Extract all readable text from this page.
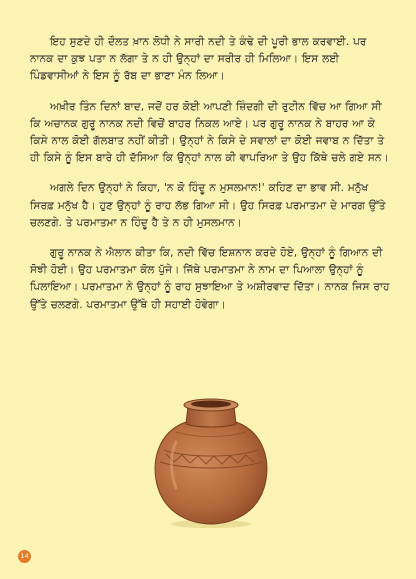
ਇਹ ਸੁਣਦੇ ਹੀ ਦੌਲਤ ਖ਼ਾਨ ਲੋਧੀ ਨੇ ਸਾਰੀ ਨਦੀ ਤੇ ਕੰਢੇ ਦੀ ਪੂਰੀ ਭਾਲ ਕਰਵਾਈ. ਪਰ ਨਾਨਕ ਦਾ ਕੁਝ ਪਤਾ ਨ ਲੱਗਾ ਤੇ ਨ ਹੀ ਉਨ੍ਹਾਂ ਦਾ ਸਰੀਰ ਹੀ ਮਿਲਿਆ। ਇਸ ਲਈ ਪਿੰਡਵਾਸੀਆਂ ਨੇ ਇਸ ਨੂੰ ਰੱਬ ਦਾ ਭਾਣਾ ਮੰਨ ਲਿਆ।

ਅਖ਼ੀਰ ਤਿੰਨ ਦਿਨਾਂ ਬਾਦ, ਜਦੋਂ ਹਰ ਕੋਈ ਆਪਣੀ ਜ਼ਿੰਦਗੀ ਦੀ ਰੁਟੀਨ ਵਿੱਚ ਆ ਗਿਆ ਸੀ ਕਿ ਅਚਾਨਕ ਗੁਰੂ ਨਾਨਕ ਨਦੀ ਵਿਚੋਂ ਬਾਹਰ ਨਿਕਲ ਆਏ। ਪਰ ਗੁਰੂ ਨਾਨਕ ਨੇ ਬਾਹਰ ਆ ਕੇ ਕਿਸੇ ਨਾਲ ਕੋਈ ਗੱਲਬਾਤ ਨਹੀਂ ਕੀਤੀ। ਉਨ੍ਹਾਂ ਨੇ ਕਿਸੇ ਦੇ ਸਵਾਲਾਂ ਦਾ ਕੋਈ ਜਵਾਬ ਨ ਦਿੱਤਾ ਤੇ ਹੀ ਕਿਸੇ ਨੂੰ ਇਸ ਬਾਰੇ ਹੀ ਦੱਸਿਆ ਕਿ ਉਨ੍ਹਾਂ ਨਾਲ ਕੀ ਵਾਪਰਿਆ ਤੇ ਉਹ ਕਿੱਥੇ ਚਲੇ ਗਏ ਸਨ।

ਅਗਲੇ ਦਿਨ ਉਨ੍ਹਾਂ ਨੇ ਕਿਹਾ, 'ਨ ਕੋ ਹਿੰਦੂ ਨ ਮੁਸਲਮਾਨ!' ਕਹਿਣ ਦਾ ਭਾਵ ਸੀ. ਮਨੁੱਖ ਸਿਰਫ਼ ਮਨੁੱਖ ਹੈ। ਹੁਣ ਉਨ੍ਹਾਂ ਨੂੰ ਰਾਹ ਲੱਭ ਗਿਆ ਸੀ। ਉਹ ਸਿਰਫ਼ ਪਰਮਾਤਮਾ ਦੇ ਮਾਰਗ ਉੱਤੇ ਚਲਣਗੇ. ਤੇ ਪਰਮਾਤਮਾ ਨ ਹਿੰਦੂ ਹੈ ਤੇ ਨ ਹੀ ਮੁਸਲਮਾਨ।

ਗੁਰੂ ਨਾਨਕ ਨੇ ਐਲਾਨ ਕੀਤਾ ਕਿ, ਨਦੀ ਵਿੱਚ ਇਸ਼ਨਾਨ ਕਰਦੇ ਹੋਏ, ਉਨ੍ਹਾਂ ਨੂੰ ਗਿਆਨ ਦੀ ਸੋਝੀ ਹੋਈ। ਉਹ ਪਰਮਾਤਮਾ ਕੋਲ ਪੁੱਜੇ। ਜਿੱਥੇ ਪਰਮਾਤਮਾ ਨੇ ਨਾਮ ਦਾ ਪਿਆਲਾ ਉਨ੍ਹਾਂ ਨੂੰ ਪਿਲਾਇਆ। ਪਰਮਾਤਮਾ ਨੇ ਉਨ੍ਹਾਂ ਨੂੰ ਰਾਹ ਸੁਝਾਇਆ ਤੇ ਅਸ਼ੀਰਵਾਦ ਦਿੱਤਾ। ਨਾਨਕ ਜਿਸ ਰਾਹ ਉੱਤੇ ਚਲਣਗੇ. ਪਰਮਾਤਮਾ ਉੱਥੇ ਹੀ ਸਹਾਈ ਹੋਵੇਗਾ।

14
